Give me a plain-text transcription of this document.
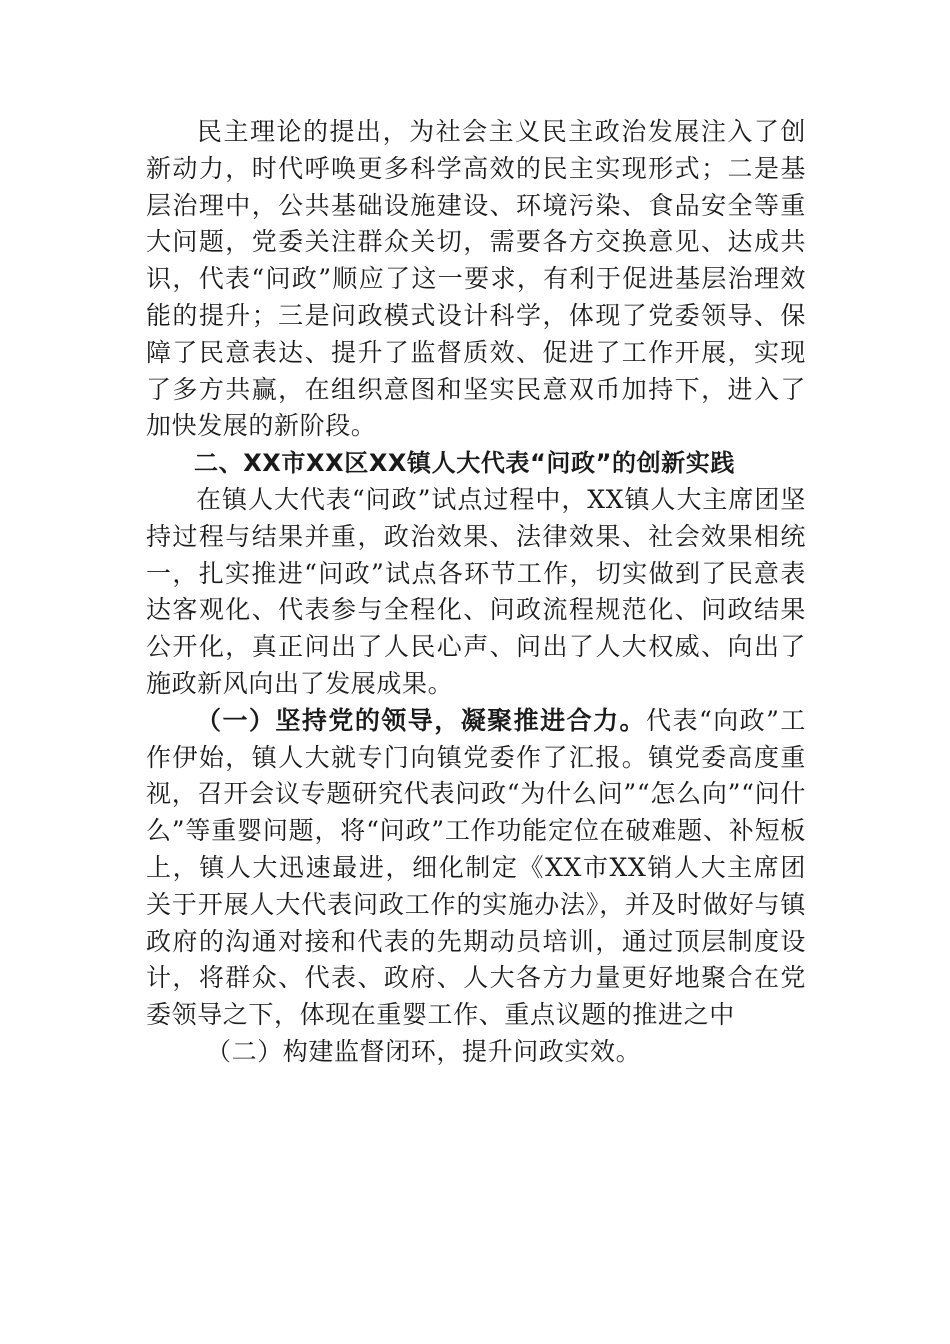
民主理论的提出，为社会主义民主政治发展注入了创新动力，时代呼唤更多科学高效的民主实现形式；二是基层治理中，公共基础设施建设、环境污染、食品安全等重大问题，党委关注群众关切，需要各方交换意见、达成共识，代表“问政”顺应了这一要求，有利于促进基层治理效能的提升；三是问政模式设计科学，体现了党委领导、保障了民意表达、提升了监督质效、促进了工作开展，实现了多方共赢，在组织意图和坚实民意双币加持下，进入了加快发展的新阶段。

二、XX市XX区XX镇人大代表“问政”的创新实践

在镇人大代表“问政”试点过程中，XX镇人大主席团坚持过程与结果并重，政治效果、法律效果、社会效果相统一，扎实推进“问政”试点各环节工作，切实做到了民意表达客观化、代表参与全程化、问政流程规范化、问政结果公开化，真正问出了人民心声、问出了人大权威、向出了施政新风向出了发展成果。

（一）坚持党的领导，凝聚推进合力。代表“向政”工作伊始，镇人大就专门向镇党委作了汇报。镇党委高度重视，召开会议专题研究代表问政“为什么问”“怎么向”“问什么”等重婴问题，将“问政”工作功能定位在破难题、补短板上，镇人大迅速最进，细化制定《XX市XX销人大主席团关于开展人大代表问政工作的实施办法》，并及时做好与镇政府的沟通对接和代表的先期动员培训，通过顶层制度设计，将群众、代表、政府、人大各方力量更好地聚合在党委领导之下，体现在重婴工作、重点议题的推进之中

（二）构建监督闭环，提升问政实效。
